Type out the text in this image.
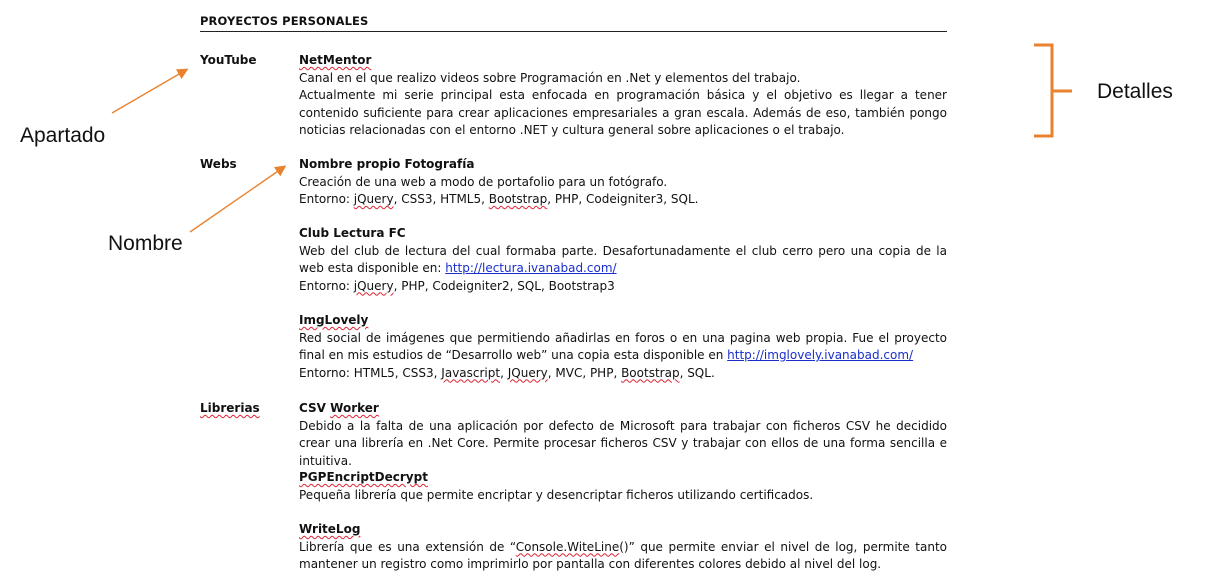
PROYECTOS PERSONALES
YouTube
Webs
Librerias

NetMentor

Canal en el que realizo videos sobre Programación en .Net y elementos del trabajo.

Actualmente mi serie principal esta enfocada en programación básica y el objetivo es llegar a tener contenido suficiente para crear aplicaciones empresariales a gran escala. Además de eso, también pongo noticias relacionadas con el entorno .NET y cultura general sobre aplicaciones o el trabajo.

Nombre propio Fotografía

Creación de una web a modo de portafolio para un fotógrafo.

Entorno: jQuery, CSS3, HTML5, Bootstrap, PHP, Codeigniter3, SQL.

Club Lectura FC

Web del club de lectura del cual formaba parte. Desafortunadamente el club cerro pero una copia de la web esta disponible en: http://lectura.ivanabad.com/

Entorno: jQuery, PHP, Codeigniter2, SQL, Bootstrap3

ImgLovely

Red social de imágenes que permitiendo añadirlas en foros o en una pagina web propia. Fue el proyecto final en mis estudios de “Desarrollo web” una copia esta disponible en http://imglovely.ivanabad.com/

Entorno: HTML5, CSS3, Javascript, JQuery, MVC, PHP, Bootstrap, SQL.

CSV Worker

Debido a la falta de una aplicación por defecto de Microsoft para trabajar con ficheros CSV he decidido crear una librería en .Net Core. Permite procesar ficheros CSV y trabajar con ellos de una forma sencilla e intuitiva.

PGPEncriptDecrypt

Pequeña librería que permite encriptar y desencriptar ficheros utilizando certificados.

WriteLog

Librería que es una extensión de “Console.WiteLine()” que permite enviar el nivel de log, permite tanto mantener un registro como imprimirlo por pantalla con diferentes colores debido al nivel del log.

Apartado
Nombre
Detalles
